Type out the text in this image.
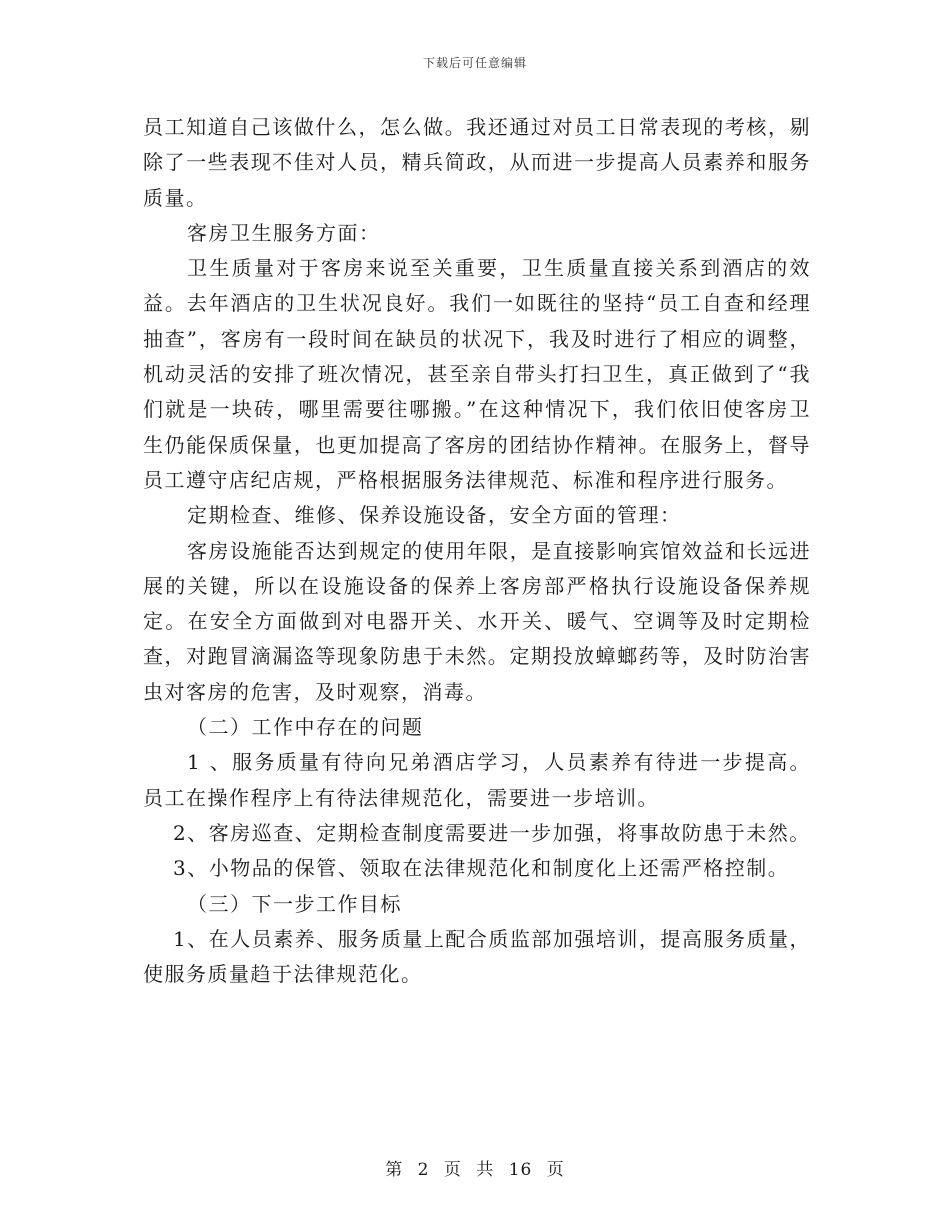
下载后可任意编辑

员工知道自己该做什么，怎么做。我还通过对员工日常表现的考核，剔除了一些表现不佳对人员，精兵简政，从而进一步提高人员素养和服务质量。

客房卫生服务方面：

卫生质量对于客房来说至关重要，卫生质量直接关系到酒店的效益。去年酒店的卫生状况良好。我们一如既往的坚持“员工自查和经理抽查”，客房有一段时间在缺员的状况下，我及时进行了相应的调整，机动灵活的安排了班次情况，甚至亲自带头打扫卫生，真正做到了“我们就是一块砖，哪里需要往哪搬。”在这种情况下，我们依旧使客房卫生仍能保质保量，也更加提高了客房的团结协作精神。在服务上，督导员工遵守店纪店规，严格根据服务法律规范、标准和程序进行服务。

定期检查、维修、保养设施设备，安全方面的管理：

客房设施能否达到规定的使用年限，是直接影响宾馆效益和长远进展的关键，所以在设施设备的保养上客房部严格执行设施设备保养规定。在安全方面做到对电器开关、水开关、暖气、空调等及时定期检查，对跑冒滴漏盗等现象防患于未然。定期投放蟑螂药等，及时防治害虫对客房的危害，及时观察，消毒。

（二）工作中存在的问题

1 、服务质量有待向兄弟酒店学习，人员素养有待进一步提高。员工在操作程序上有待法律规范化，需要进一步培训。

2、客房巡查、定期检查制度需要进一步加强，将事故防患于未然。

3、小物品的保管、领取在法律规范化和制度化上还需严格控制。

（三）下一步工作目标

1、在人员素养、服务质量上配合质监部加强培训，提高服务质量，使服务质量趋于法律规范化。

第 2 页 共 16 页
